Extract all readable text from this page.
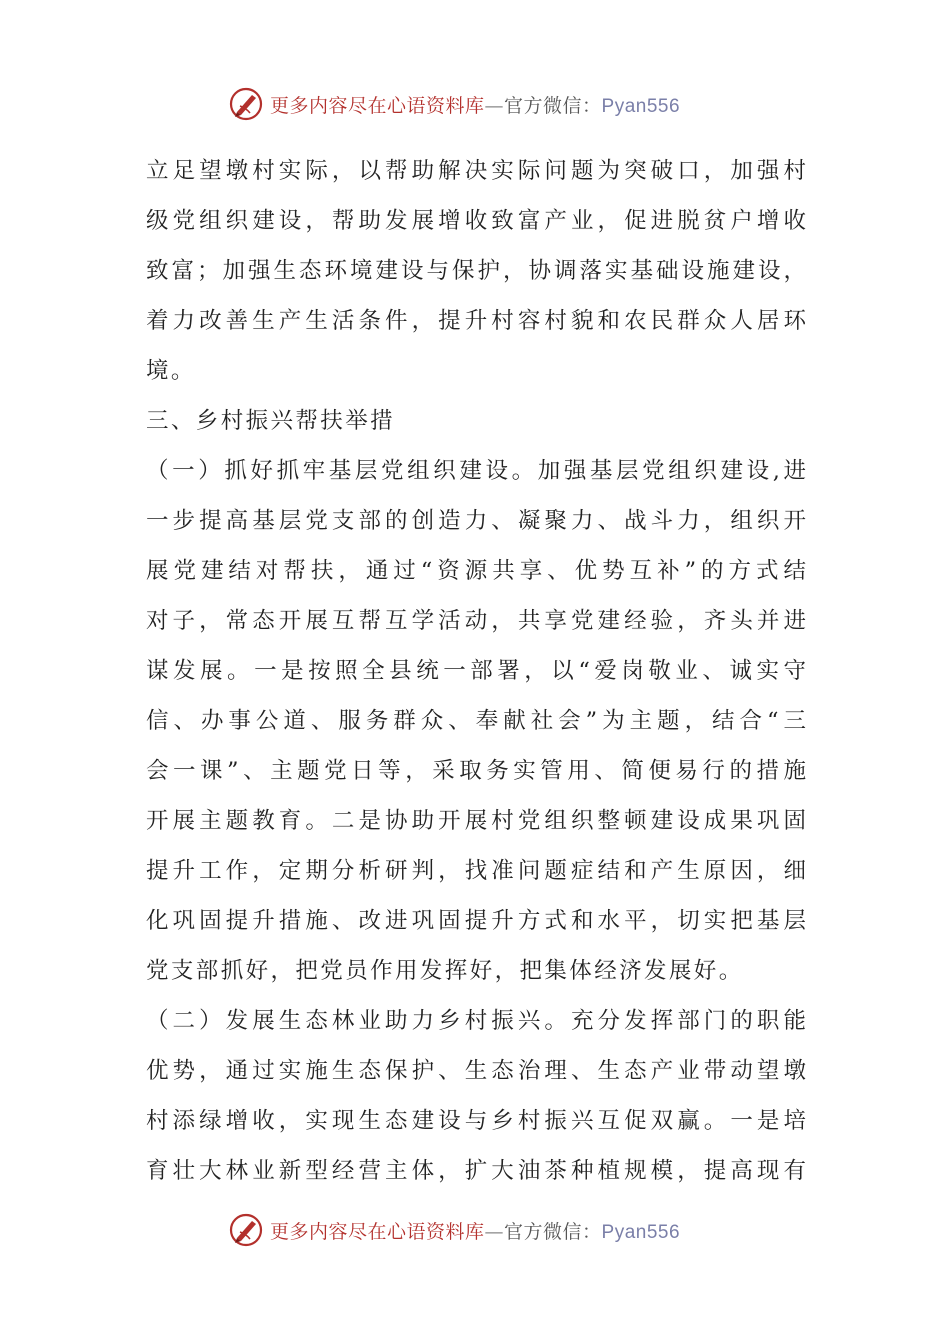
更多内容尽在心语资料库—官方微信：Pyan556
立足望墩村实际，以帮助解决实际问题为突破口，加强村
级党组织建设，帮助发展增收致富产业，促进脱贫户增收
致富；加强生态环境建设与保护，协调落实基础设施建设，
着力改善生产生活条件，提升村容村貌和农民群众人居环
境。
三、乡村振兴帮扶举措
（一）抓好抓牢基层党组织建设。加强基层党组织建设,进
一步提高基层党支部的创造力、凝聚力、战斗力，组织开
展党建结对帮扶，通过“资源共享、优势互补”的方式结
对子，常态开展互帮互学活动，共享党建经验，齐头并进
谋发展。一是按照全县统一部署，以“爱岗敬业、诚实守
信、办事公道、服务群众、奉献社会”为主题，结合“三
会一课”、主题党日等，采取务实管用、简便易行的措施
开展主题教育。二是协助开展村党组织整顿建设成果巩固
提升工作，定期分析研判，找准问题症结和产生原因，细
化巩固提升措施、改进巩固提升方式和水平，切实把基层
党支部抓好，把党员作用发挥好，把集体经济发展好。
（二）发展生态林业助力乡村振兴。充分发挥部门的职能
优势，通过实施生态保护、生态治理、生态产业带动望墩
村添绿增收，实现生态建设与乡村振兴互促双赢。一是培
育壮大林业新型经营主体，扩大油茶种植规模，提高现有
更多内容尽在心语资料库—官方微信：Pyan556
